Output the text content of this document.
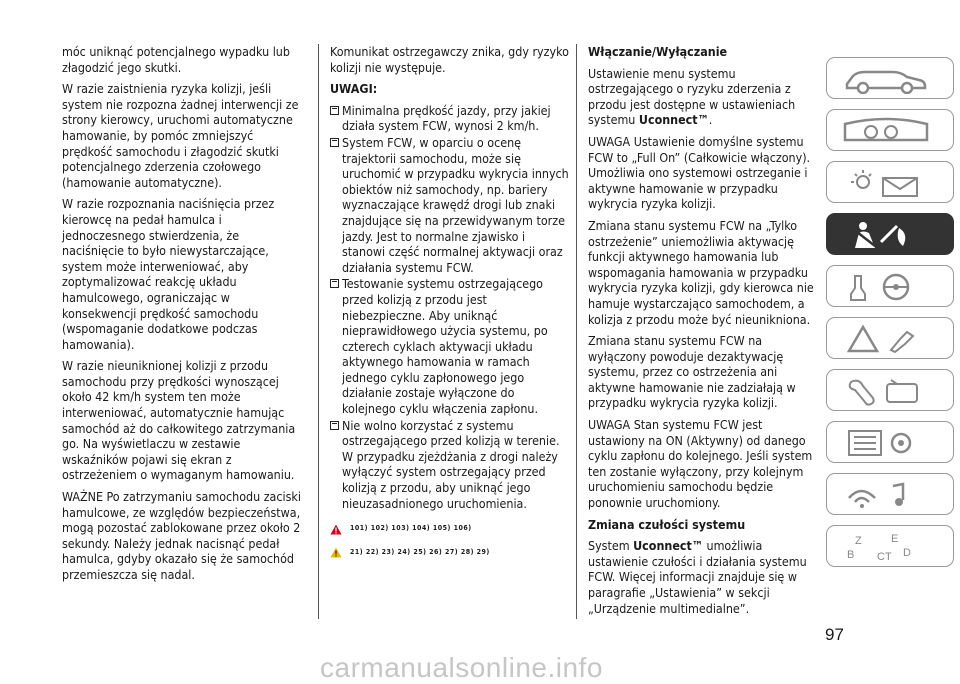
móc uniknąć potencjalnego wypadku lub złagodzić jego skutki.

W razie zaistnienia ryzyka kolizji, jeśli system nie rozpozna żadnej interwencji ze strony kierowcy, uruchomi automatyczne hamowanie, by pomóc zmniejszyć prędkość samochodu i złagodzić skutki potencjalnego zderzenia czołowego (hamowanie automatyczne).

W razie rozpoznania naciśnięcia przez kierowcę na pedał hamulca i jednoczesnego stwierdzenia, że naciśnięcie to było niewystarczające, system może interweniować, aby zoptymalizować reakcję układu hamulcowego, ograniczając w konsekwencji prędkość samochodu (wspomaganie dodatkowe podczas hamowania).

W razie nieuniknionej kolizji z przodu samochodu przy prędkości wynoszącej około 42 km/h system ten może interweniować, automatycznie hamując samochód aż do całkowitego zatrzymania go. Na wyświetlaczu w zestawie wskaźników pojawi się ekran z ostrzeżeniem o wymaganym hamowaniu.

WAŻNE Po zatrzymaniu samochodu zaciski hamulcowe, ze względów bezpieczeństwa, mogą pozostać zablokowane przez około 2 sekundy. Należy jednak nacisnąć pedał hamulca, gdyby okazało się że samochód przemieszcza się nadal.

Komunikat ostrzegawczy znika, gdy ryzyko kolizji nie występuje.

UWAGI:

Minimalna prędkość jazdy, przy jakiej działa system FCW, wynosi 2 km/h.

System FCW, w oparciu o ocenę trajektorii samochodu, może się uruchomić w przypadku wykrycia innych obiektów niż samochody, np. bariery wyznaczające krawędź drogi lub znaki znajdujące się na przewidywanym torze jazdy. Jest to normalne zjawisko i stanowi część normalnej aktywacji oraz działania systemu FCW.

Testowanie systemu ostrzegającego przed kolizją z przodu jest niebezpieczne. Aby uniknąć nieprawidłowego użycia systemu, po czterech cyklach aktywacji układu aktywnego hamowania w ramach jednego cyklu zapłonowego jego działanie zostaje wyłączone do kolejnego cyklu włączenia zapłonu.

Nie wolno korzystać z systemu ostrzegającego przed kolizją w terenie. W przypadku zjeżdżania z drogi należy wyłączyć system ostrzegający przed kolizją z przodu, aby uniknąć jego nieuzasadnionego uruchomienia.

101) 102) 103) 104) 105) 106)
21) 22) 23) 24) 25) 26) 27) 28) 29)

Włączanie/Wyłączanie

Ustawienie menu systemu ostrzegającego o ryzyku zderzenia z przodu jest dostępne w ustawieniach systemu Uconnect™.

UWAGA Ustawienie domyślne systemu FCW to „Full On” (Całkowicie włączony). Umożliwia ono systemowi ostrzeganie i aktywne hamowanie w przypadku wykrycia ryzyka kolizji.

Zmiana stanu systemu FCW na „Tylko ostrzeżenie” uniemożliwia aktywację funkcji aktywnego hamowania lub wspomagania hamowania w przypadku wykrycia ryzyka kolizji, gdy kierowca nie hamuje wystarczająco samochodem, a kolizja z przodu może być nieunikniona.

Zmiana stanu systemu FCW na wyłączony powoduje dezaktywację systemu, przez co ostrzeżenia ani aktywne hamowanie nie zadziałają w przypadku wykrycia ryzyka kolizji.

UWAGA Stan systemu FCW jest ustawiony na ON (Aktywny) od danego cyklu zapłonu do kolejnego. Jeśli system ten zostanie wyłączony, przy kolejnym uruchomieniu samochodu będzie ponownie uruchomiony.

Zmiana czułości systemu

System Uconnect™ umożliwia ustawienie czułości i działania systemu FCW. Więcej informacji znajduje się w paragrafie „Ustawienia” w sekcji „Urządzenie multimedialne”.

Z	E
B C T D
97
carmanualsonline.info
